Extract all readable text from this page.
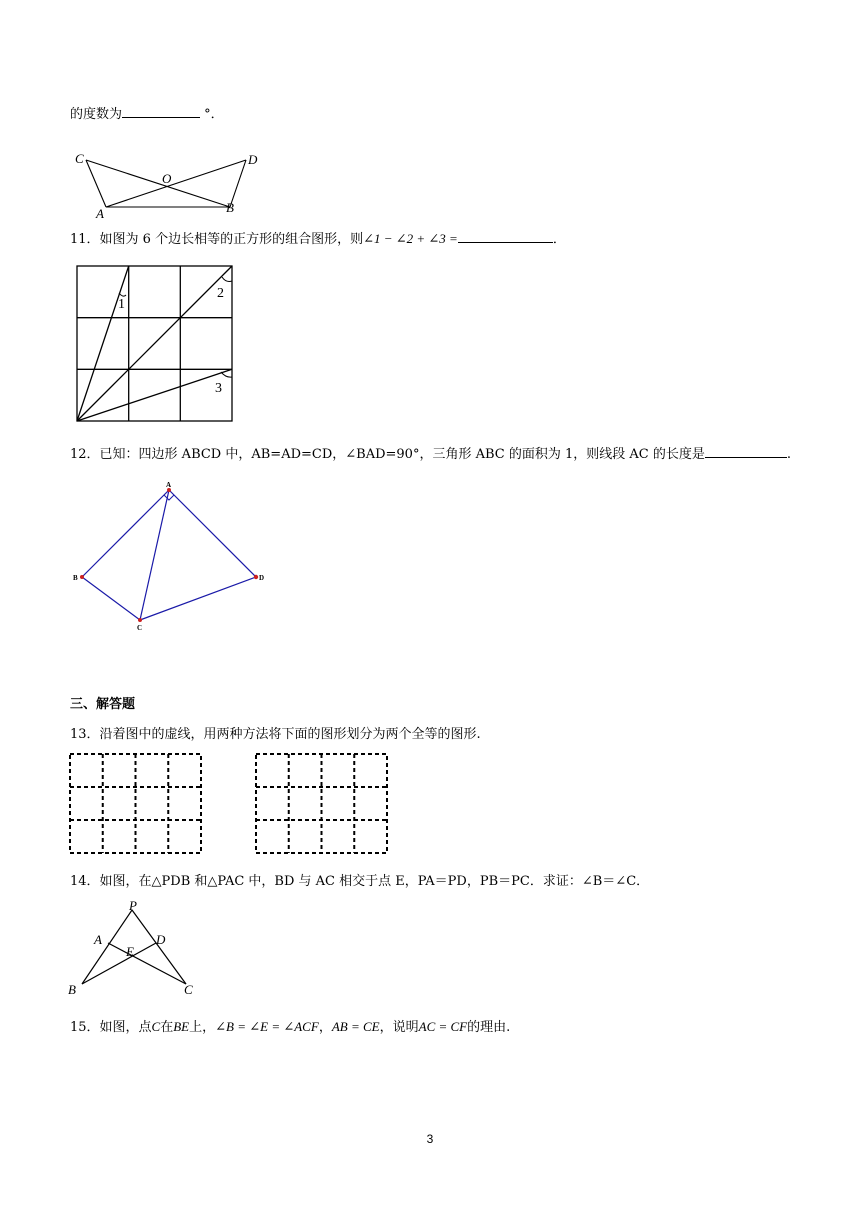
的度数为	°．
C	D
O
A	B
11．如图为 6 个边长相等的正方形的组合图形，则∠1 − ∠2 + ∠3 =	．
1
2
3
12．已知：四边形 ABCD 中，AB=AD=CD，∠BAD=90°，三角形 ABC 的面积为 1，则线段 AC 的长度是	.
A
B
C
D
三、解答题
13．沿着图中的虚线，用两种方法将下面的图形划分为两个全等的图形.
14．如图，在△PDB 和△PAC 中，BD 与 AC 相交于点 E，PA＝PD，PB＝PC．求证：∠B＝∠C．
P
A	D
E
B	C
15．如图，点C在BE上，∠B = ∠E = ∠ACF，AB = CE，说明AC = CF的理由.
3
